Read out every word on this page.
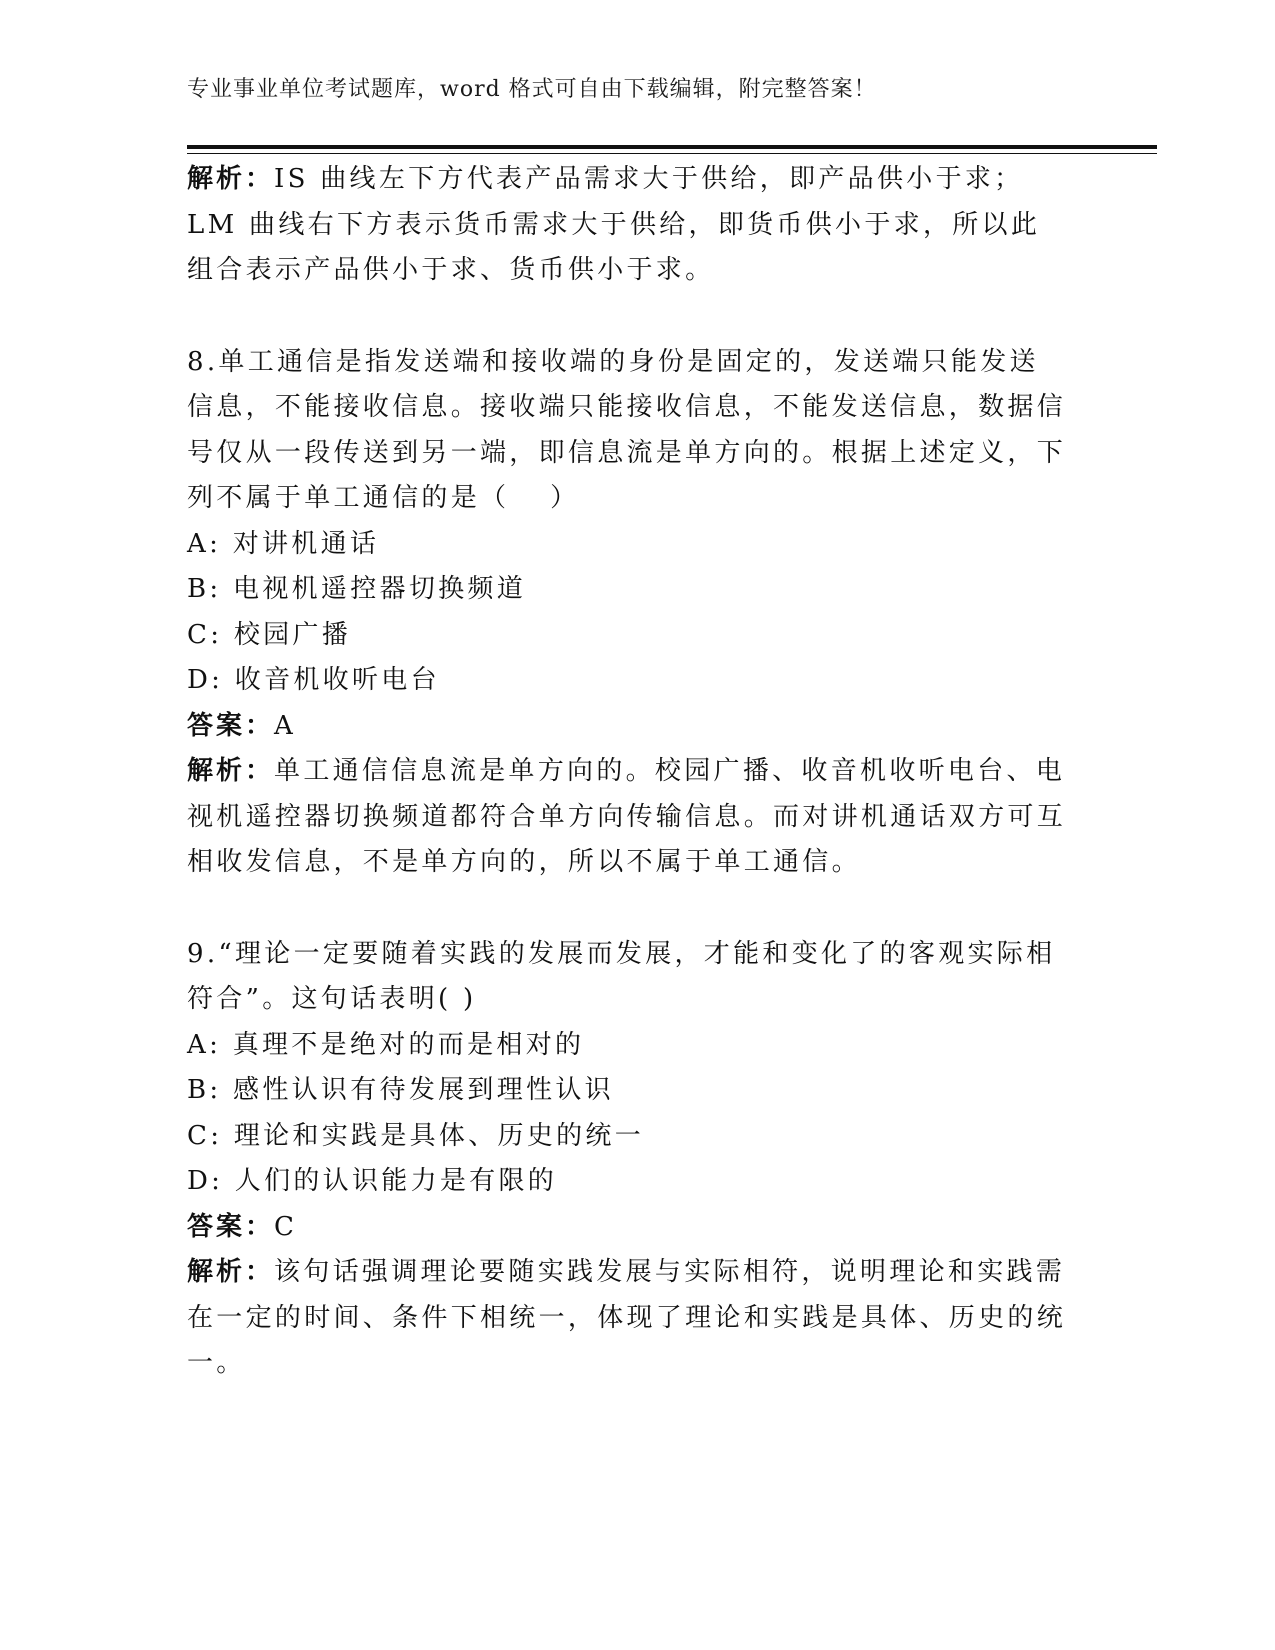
专业事业单位考试题库，word 格式可自由下载编辑，附完整答案！

解析：IS 曲线左下方代表产品需求大于供给，即产品供小于求；LM 曲线右下方表示货币需求大于供给，即货币供小于求，所以此组合表示产品供小于求、货币供小于求。

8.单工通信是指发送端和接收端的身份是固定的，发送端只能发送信息，不能接收信息。接收端只能接收信息，不能发送信息，数据信号仅从一段传送到另一端，即信息流是单方向的。根据上述定义，下列不属于单工通信的是（　 ）

A: 对讲机通话

B: 电视机遥控器切换频道

C: 校园广播

D: 收音机收听电台

答案：A

解析：单工通信信息流是单方向的。校园广播、收音机收听电台、电视机遥控器切换频道都符合单方向传输信息。而对讲机通话双方可互相收发信息，不是单方向的，所以不属于单工通信。

9.“理论一定要随着实践的发展而发展，才能和变化了的客观实际相符合”。这句话表明( )

A: 真理不是绝对的而是相对的

B: 感性认识有待发展到理性认识

C: 理论和实践是具体、历史的统一

D: 人们的认识能力是有限的

答案：C

解析：该句话强调理论要随实践发展与实际相符，说明理论和实践需在一定的时间、条件下相统一，体现了理论和实践是具体、历史的统一。
